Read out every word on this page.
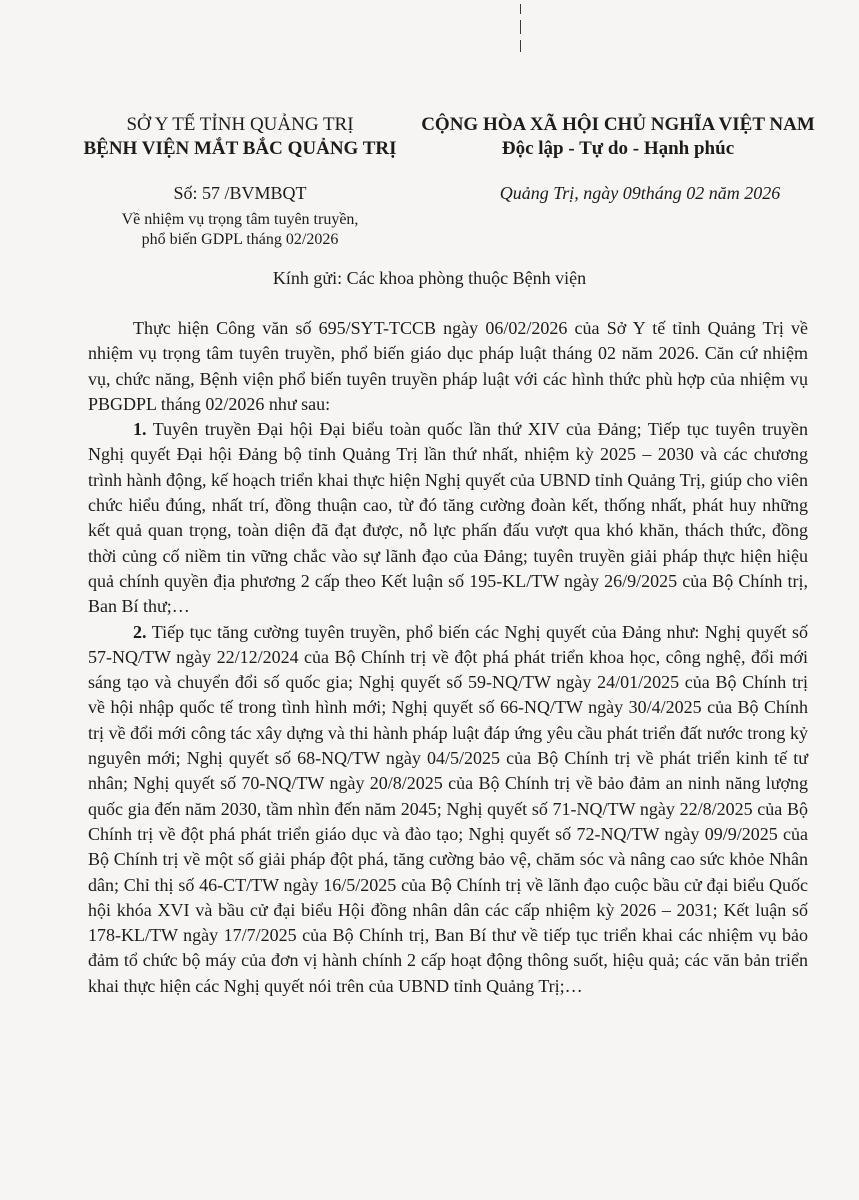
SỞ Y TẾ TỈNH QUẢNG TRỊ
BỆNH VIỆN MẮT BẮC QUẢNG TRỊ
CỘNG HÒA XÃ HỘI CHỦ NGHĨA VIỆT NAM
Độc lập - Tự do - Hạnh phúc
Số: 57 /BVMBQT
Về nhiệm vụ trọng tâm tuyên truyền,
phổ biến GDPL tháng 02/2026
Quảng Trị, ngày 09tháng 02 năm 2026
Kính gửi: Các khoa phòng thuộc Bệnh viện

Thực hiện Công văn số 695/SYT-TCCB ngày 06/02/2026 của Sở Y tế tỉnh Quảng Trị về nhiệm vụ trọng tâm tuyên truyền, phổ biến giáo dục pháp luật tháng 02 năm 2026. Căn cứ nhiệm vụ, chức năng, Bệnh viện phổ biến tuyên truyền pháp luật với các hình thức phù hợp của nhiệm vụ PBGDPL tháng 02/2026 như sau:

1. Tuyên truyền Đại hội Đại biểu toàn quốc lần thứ XIV của Đảng; Tiếp tục tuyên truyền Nghị quyết Đại hội Đảng bộ tỉnh Quảng Trị lần thứ nhất, nhiệm kỳ 2025 – 2030 và các chương trình hành động, kế hoạch triển khai thực hiện Nghị quyết của UBND tỉnh Quảng Trị, giúp cho viên chức hiểu đúng, nhất trí, đồng thuận cao, từ đó tăng cường đoàn kết, thống nhất, phát huy những kết quả quan trọng, toàn diện đã đạt được, nỗ lực phấn đấu vượt qua khó khăn, thách thức, đồng thời củng cố niềm tin vững chắc vào sự lãnh đạo của Đảng; tuyên truyền giải pháp thực hiện hiệu quả chính quyền địa phương 2 cấp theo Kết luận số 195-KL/TW ngày 26/9/2025 của Bộ Chính trị, Ban Bí thư;…

2. Tiếp tục tăng cường tuyên truyền, phổ biến các Nghị quyết của Đảng như: Nghị quyết số 57-NQ/TW ngày 22/12/2024 của Bộ Chính trị về đột phá phát triển khoa học, công nghệ, đổi mới sáng tạo và chuyển đổi số quốc gia; Nghị quyết số 59-NQ/TW ngày 24/01/2025 của Bộ Chính trị về hội nhập quốc tế trong tình hình mới; Nghị quyết số 66-NQ/TW ngày 30/4/2025 của Bộ Chính trị về đổi mới công tác xây dựng và thi hành pháp luật đáp ứng yêu cầu phát triển đất nước trong kỷ nguyên mới; Nghị quyết số 68-NQ/TW ngày 04/5/2025 của Bộ Chính trị về phát triển kinh tế tư nhân; Nghị quyết số 70-NQ/TW ngày 20/8/2025 của Bộ Chính trị về bảo đảm an ninh năng lượng quốc gia đến năm 2030, tầm nhìn đến năm 2045; Nghị quyết số 71-NQ/TW ngày 22/8/2025 của Bộ Chính trị về đột phá phát triển giáo dục và đào tạo; Nghị quyết số 72-NQ/TW ngày 09/9/2025 của Bộ Chính trị về một số giải pháp đột phá, tăng cường bảo vệ, chăm sóc và nâng cao sức khỏe Nhân dân; Chỉ thị số 46-CT/TW ngày 16/5/2025 của Bộ Chính trị về lãnh đạo cuộc bầu cử đại biểu Quốc hội khóa XVI và bầu cử đại biểu Hội đồng nhân dân các cấp nhiệm kỳ 2026 – 2031; Kết luận số 178-KL/TW ngày 17/7/2025 của Bộ Chính trị, Ban Bí thư về tiếp tục triển khai các nhiệm vụ bảo đảm tổ chức bộ máy của đơn vị hành chính 2 cấp hoạt động thông suốt, hiệu quả; các văn bản triển khai thực hiện các Nghị quyết nói trên của UBND tỉnh Quảng Trị;…
